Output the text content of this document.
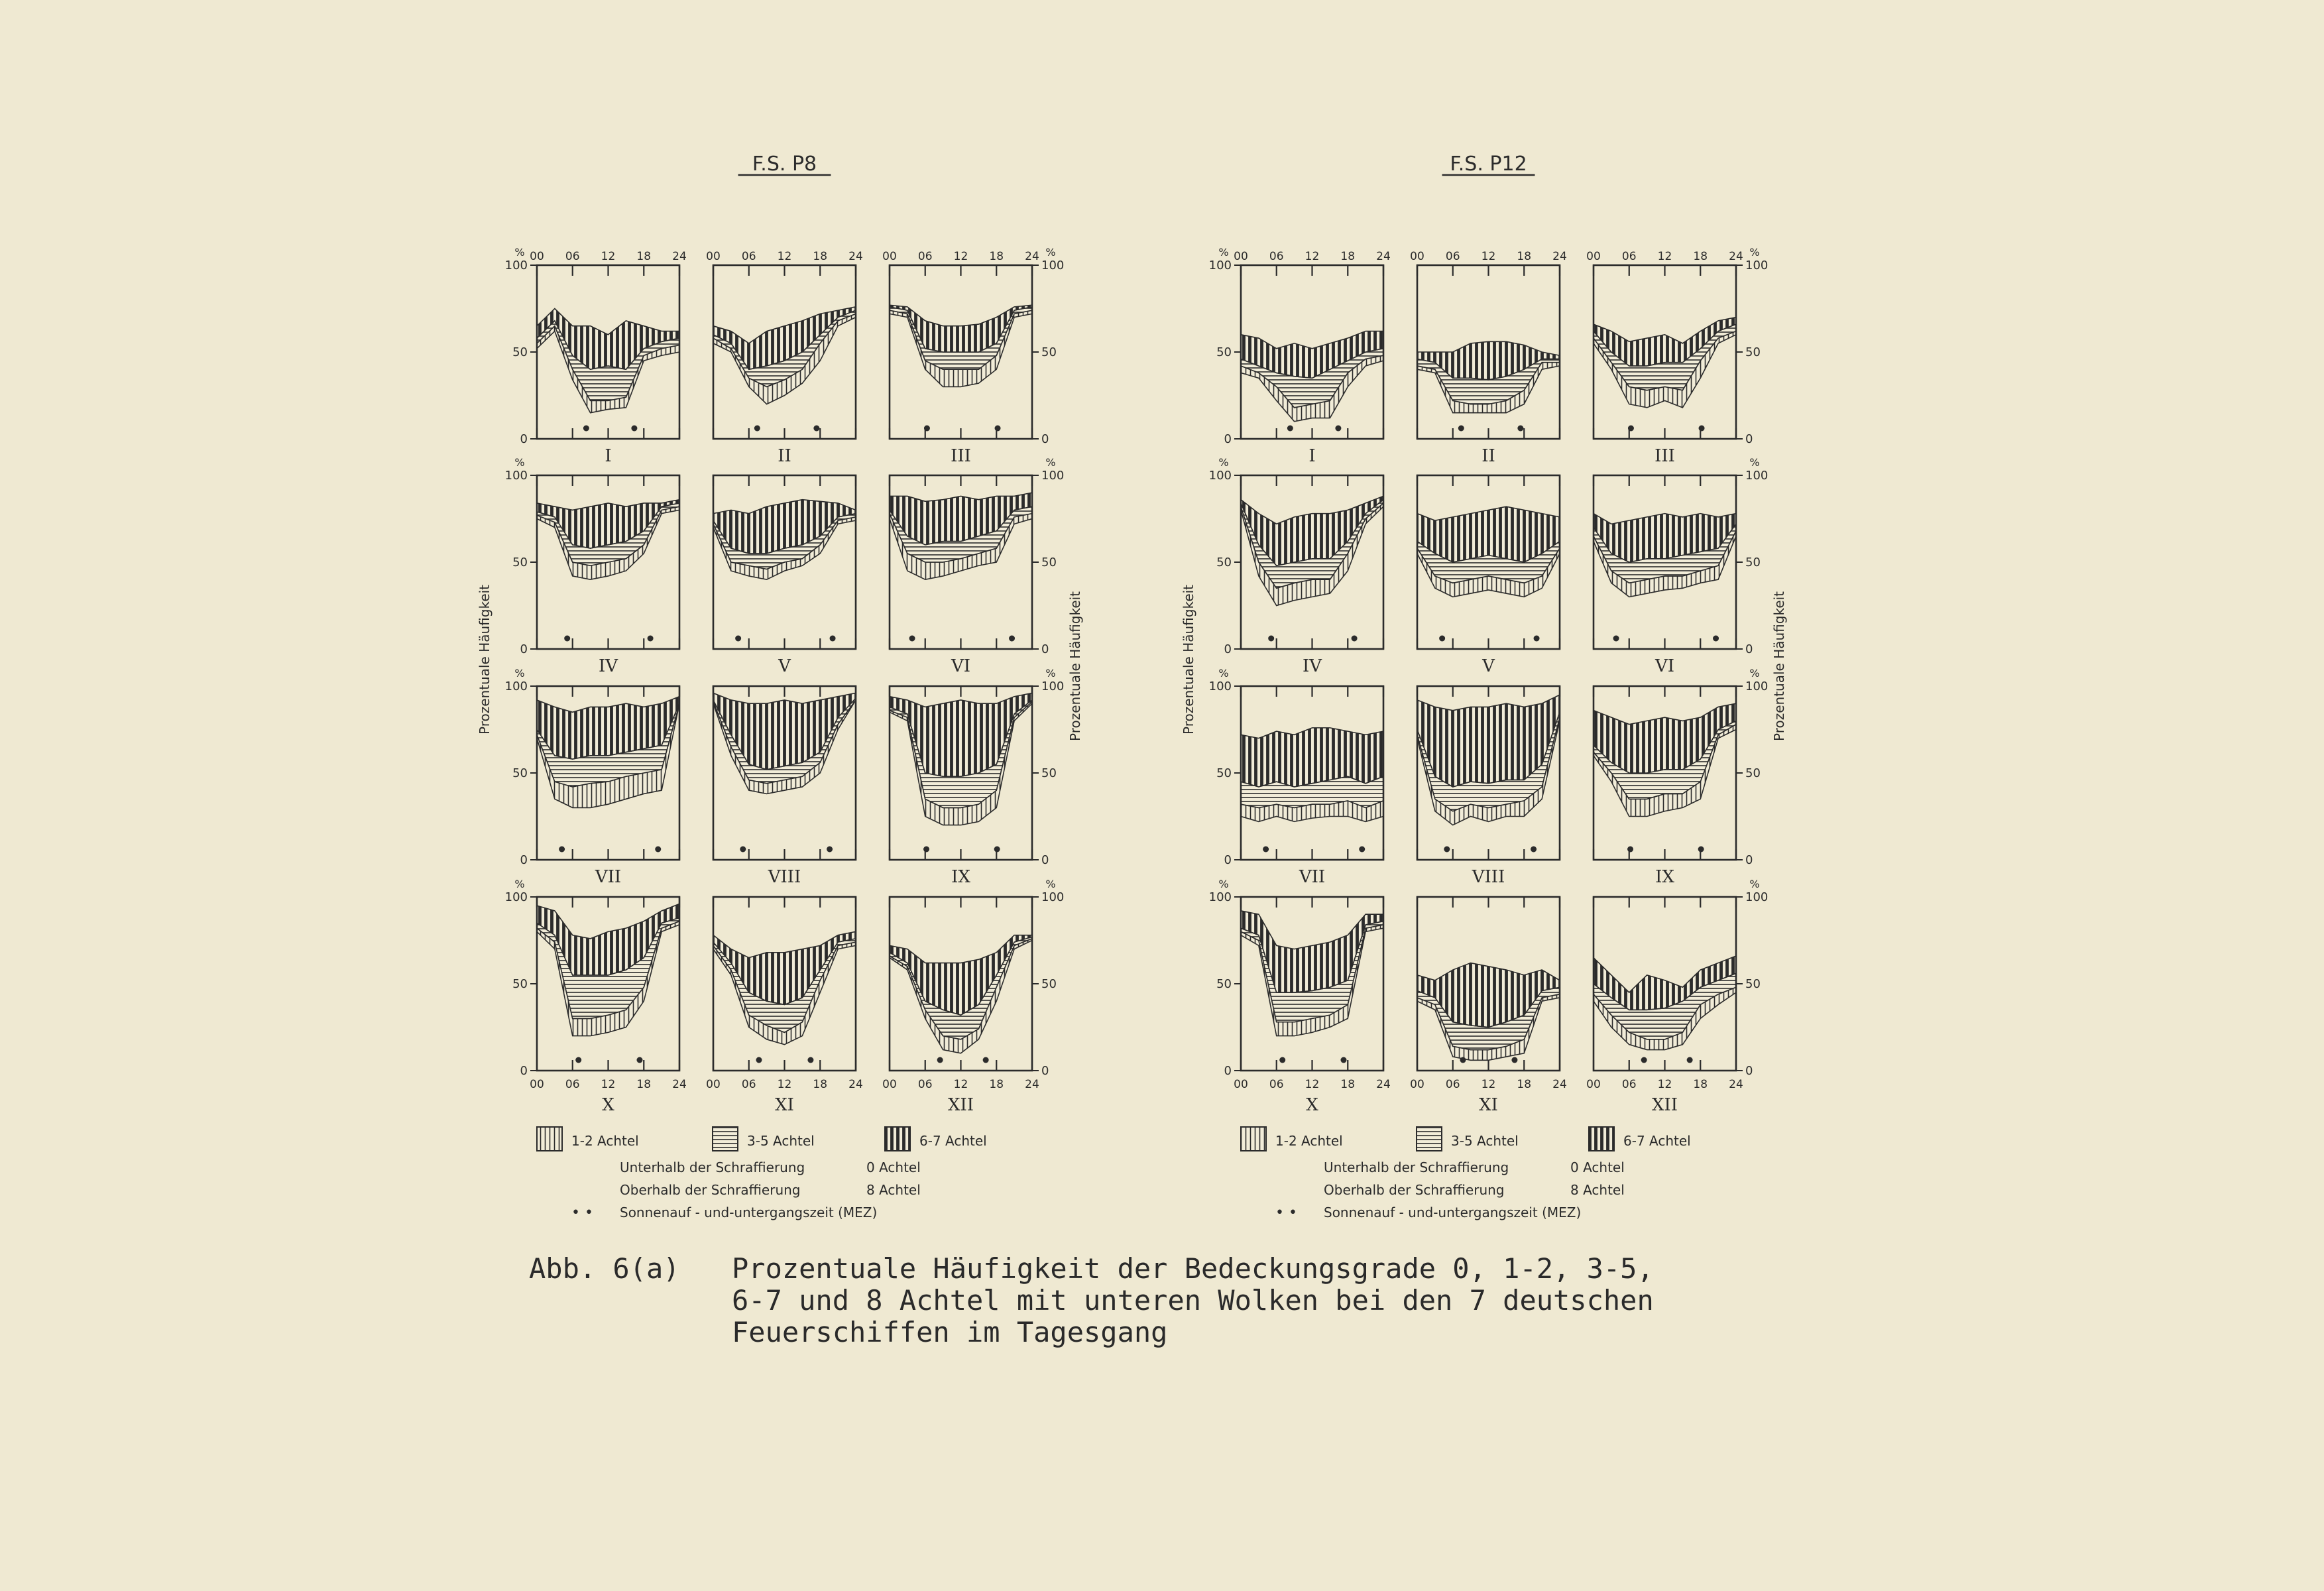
F.S. P8
00 06 12 18 24
I
0
50
100
%	00 06 12 18 24
II
00 06 12 18 24
III
0
50
100
%
IV
0
50
100
%
V	VI
0
50
100
%
VII
0
50
100
%
VIII	IX
0
50
100
%
00 06 12 18 24
X
0
50
100
%
00 06 12 18 24
XI
00 06 12 18 24
XII
0
50
100
%
Prozentuale Häufigkeit	Prozentuale Häufigkeit
1-2 Achtel	3-5 Achtel	6-7 Achtel
Unterhalb der Schraffierung	0 Achtel
Oberhalb der Schraffierung	8 Achtel
• • Sonnenauf - und-untergangszeit (MEZ)
F.S. P12
00 06 12 18 24
I
0
50
100
%	00 06 12 18 24
II
00 06 12 18 24
III
0
50
100
%
IV
0
50
100
%
V	VI
0
50
100
%
VII
0
50
100
%
VIII	IX
0
50
100
%
00 06 12 18 24
X
0
50
100
%
00 06 12 18 24
XI
00 06 12 18 24
XII
0
50
100
%
Prozentuale Häufigkeit	Prozentuale Häufigkeit
1-2 Achtel	3-5 Achtel	6-7 Achtel
Unterhalb der Schraffierung	0 Achtel
Oberhalb der Schraffierung	8 Achtel
• • Sonnenauf - und-untergangszeit (MEZ)
Abb. 6(a) Prozentuale Häufigkeit der Bedeckungsgrade 0, 1-2, 3-5,
6-7 und 8 Achtel mit unteren Wolken bei den 7 deutschen
Feuerschiffen im Tagesgang
